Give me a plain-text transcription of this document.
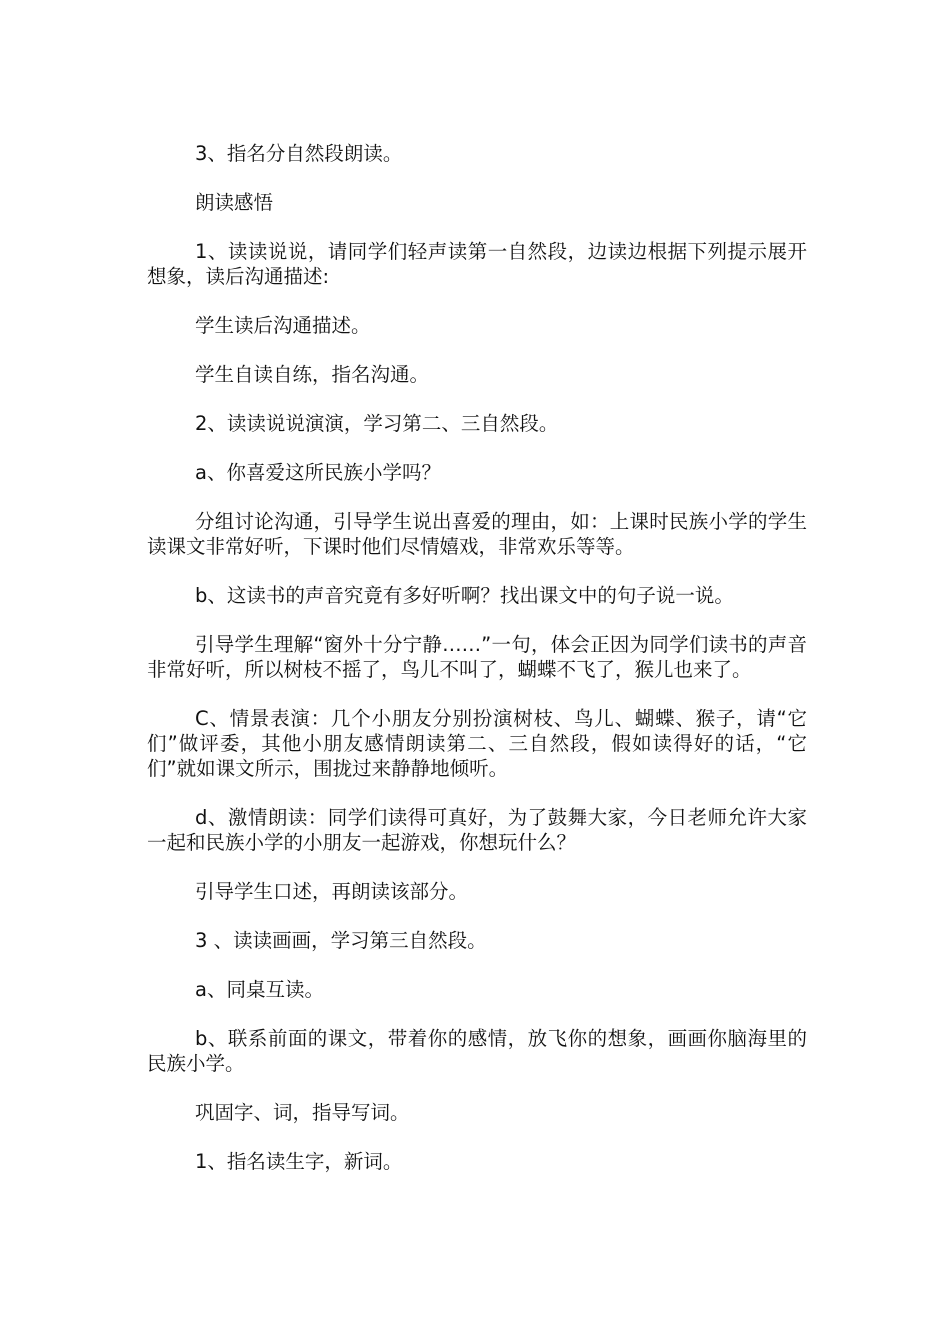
3、指名分自然段朗读。

朗读感悟

1、读读说说，请同学们轻声读第一自然段，边读边根据下列提示展开想象，读后沟通描述:

学生读后沟通描述。

学生自读自练，指名沟通。

2、读读说说演演，学习第二、三自然段。

a、你喜爱这所民族小学吗？

分组讨论沟通，引导学生说出喜爱的理由，如：上课时民族小学的学生读课文非常好听，下课时他们尽情嬉戏，非常欢乐等等。

b、这读书的声音究竟有多好听啊？找出课文中的句子说一说。

引导学生理解“窗外十分宁静……”一句，体会正因为同学们读书的声音非常好听，所以树枝不摇了，鸟儿不叫了，蝴蝶不飞了，猴儿也来了。

C、情景表演：几个小朋友分别扮演树枝、鸟儿、蝴蝶、猴子，请“它们”做评委，其他小朋友感情朗读第二、三自然段，假如读得好的话，“它们”就如课文所示，围拢过来静静地倾听。

d、激情朗读：同学们读得可真好，为了鼓舞大家，今日老师允许大家一起和民族小学的小朋友一起游戏，你想玩什么？

引导学生口述，再朗读该部分。

3 、读读画画，学习第三自然段。

a、同桌互读。

b、联系前面的课文，带着你的感情，放飞你的想象，画画你脑海里的民族小学。

巩固字、词，指导写词。

1、指名读生字，新词。
